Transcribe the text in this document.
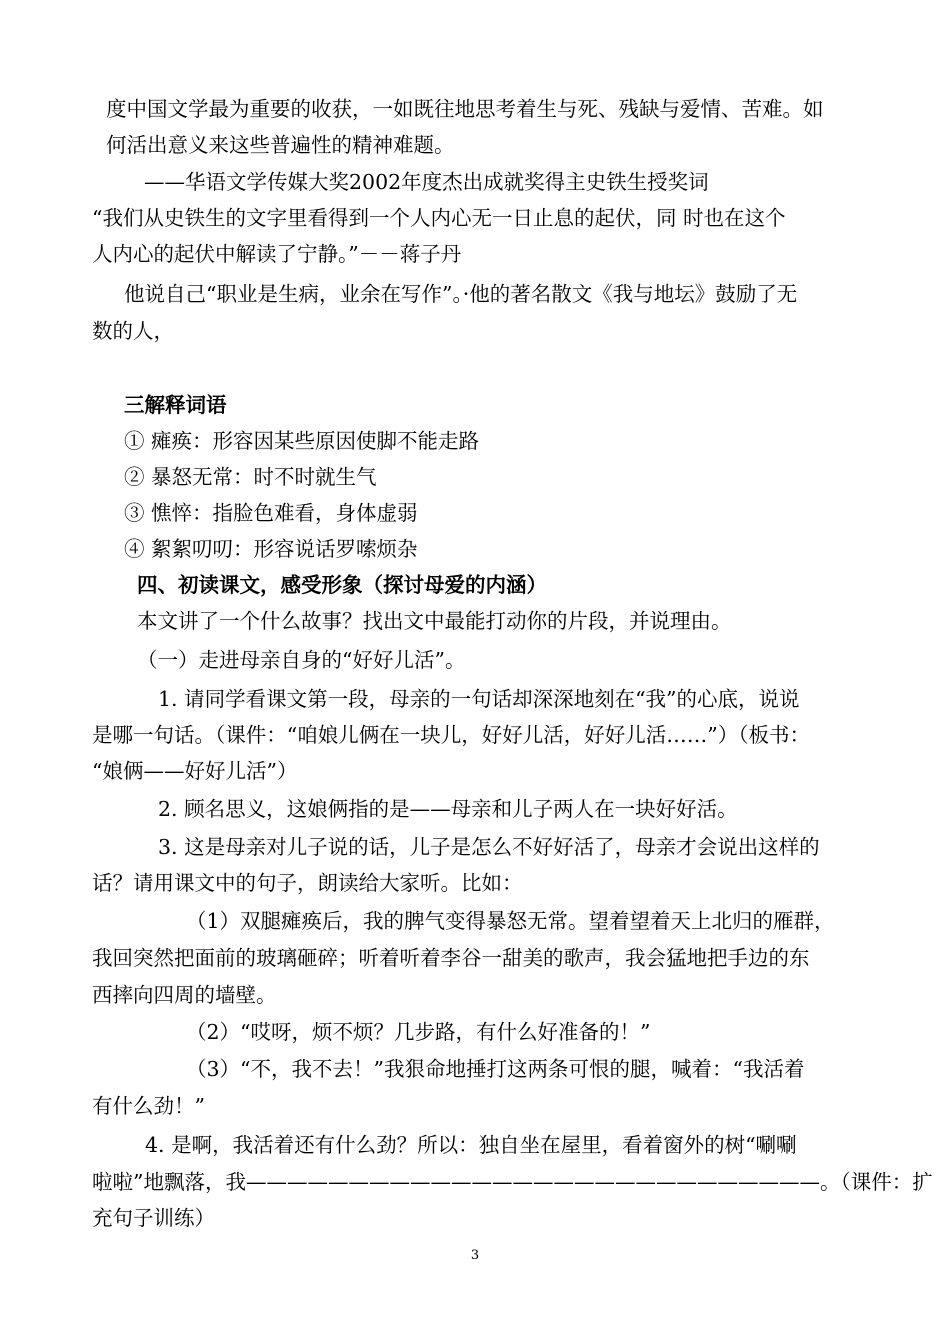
度中国文学最为重要的收获，一如既往地思考着生与死、残缺与爱情、苦难。如
何活出意义来这些普遍性的精神难题。
——华语文学传媒大奖2002年度杰出成就奖得主史铁生授奖词
“我们从史铁生的文字里看得到一个人内心无一日止息的起伏，同 时也在这个
人内心的起伏中解读了宁静。”－－蒋子丹
他说自己“职业是生病，业余在写作”。·他的著名散文《我与地坛》鼓励了无
数的人，
三解释词语
① 瘫痪：形容因某些原因使脚不能走路
② 暴怒无常：时不时就生气
③ 憔悴：指脸色难看，身体虚弱
④ 絮絮叨叨：形容说话罗嗦烦杂
四、初读课文，感受形象（探讨母爱的内涵）
本文讲了一个什么故事？找出文中最能打动你的片段，并说理由。
（一）走进母亲自身的“好好儿活”。
1. 请同学看课文第一段，母亲的一句话却深深地刻在“我”的心底，说说
是哪一句话。（课件：“咱娘儿俩在一块儿，好好儿活，好好儿活……”）（板书：
“娘俩——好好儿活”）
2. 顾名思义，这娘俩指的是——母亲和儿子两人在一块好好活。
3. 这是母亲对儿子说的话，儿子是怎么不好好活了，母亲才会说出这样的
话？请用课文中的句子，朗读给大家听。比如：
（1）双腿瘫痪后，我的脾气变得暴怒无常。望着望着天上北归的雁群，
我回突然把面前的玻璃砸碎；听着听着李谷一甜美的歌声，我会猛地把手边的东
西摔向四周的墙壁。
（2）“哎呀，烦不烦？几步路，有什么好准备的！”
（3）“不，我不去！”我狠命地捶打这两条可恨的腿，喊着：“我活着
有什么劲！”
4. 是啊，我活着还有什么劲？所以：独自坐在屋里，看着窗外的树“唰唰
啦啦”地飘落，我————————————————————————————。（课件：扩
充句子训练）
3
